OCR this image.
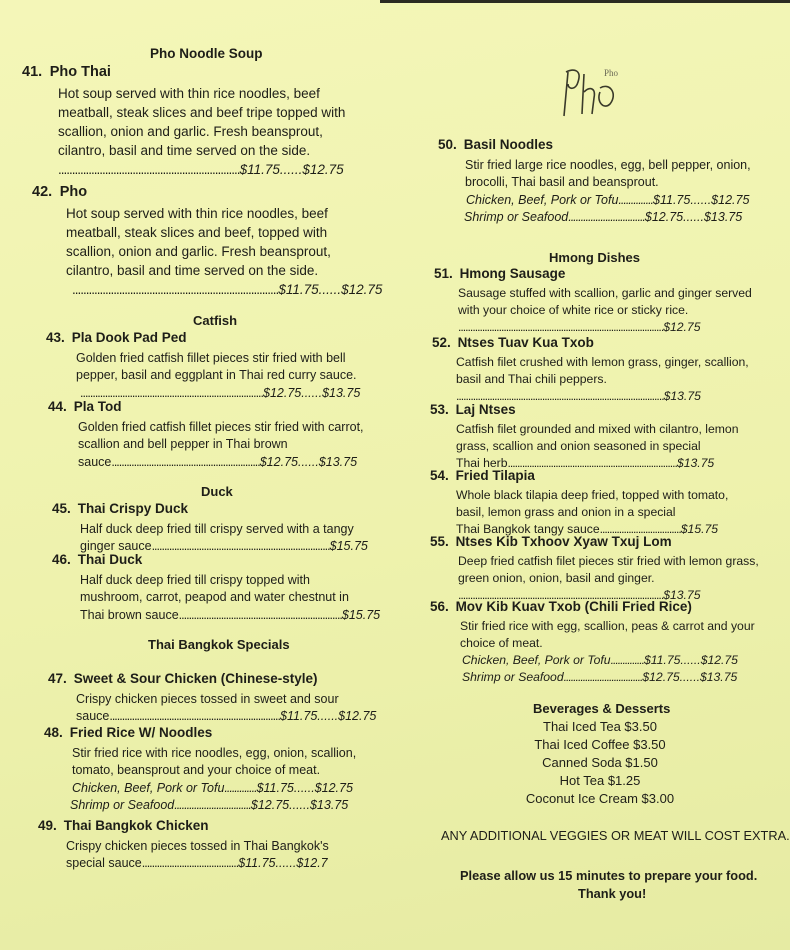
Pho Noodle Soup
41. Pho Thai
Hot soup served with thin rice noodles, beef meatball, steak slices and beef tripe topped with scallion, onion and garlic. Fresh beansprout, cilantro, basil and time served on the side.
..................................................................$11.75......$12.75
42. Pho
Hot soup served with thin rice noodles, beef meatball, steak slices and beef, topped with scallion, onion and garlic. Fresh beansprout, cilantro, basil and time served on the side.
...........................................................................$11.75......$12.75
Catfish
43. Pla Dook Pad Ped
Golden fried catfish fillet pieces stir fried with bell pepper, basil and eggplant in Thai red curry sauce.
..........................................................................$12.75......$13.75
44. Pla Tod
Golden fried catfish fillet pieces stir fried with carrot, scallion and bell pepper in Thai brown
sauce............................................................$12.75......$13.75
Duck
45. Thai Crispy Duck
Half duck deep fried till crispy served with a tangy
ginger sauce........................................................................$15.75
46. Thai Duck
Half duck deep fried till crispy topped with mushroom, carrot, peapod and water chestnut in
Thai brown sauce..................................................................$15.75
Thai Bangkok Specials
47. Sweet & Sour Chicken (Chinese-style)
Crispy chicken pieces tossed in sweet and sour
sauce.....................................................................$11.75......$12.75
48. Fried Rice W/ Noodles
Stir fried rice with rice noodles, egg, onion, scallion, tomato, beansprout and your choice of meat.
Chicken, Beef, Pork or Tofu.............$11.75......$12.75
Shrimp or Seafood...............................$12.75......$13.75
49. Thai Bangkok Chicken
Crispy chicken pieces tossed in Thai Bangkok's
special sauce.......................................$11.75......$12.7
Pho
50. Basil Noodles
Stir fried large rice noodles, egg, bell pepper, onion, brocolli, Thai basil and beansprout.
Chicken, Beef, Pork or Tofu..............$11.75......$12.75
Shrimp or Seafood...............................$12.75......$13.75
Hmong Dishes
51. Hmong Sausage
Sausage stuffed with scallion, garlic and ginger served with your choice of white rice or sticky rice.
......................................................................................$12.75
52. Ntses Tuav Kua Txob
Catfish filet crushed with lemon grass, ginger, scallion, basil and Thai chili peppers.
.......................................................................................$13.75
53. Laj Ntses
Catfish filet grounded and mixed with cilantro, lemon grass, scallion and onion seasoned in special
Thai herb.......................................................................$13.75
54. Fried Tilapia
Whole black tilapia deep fried, topped with tomato, basil, lemon grass and onion in a special
Thai Bangkok tangy sauce..................................$15.75
55. Ntses Kib Txhoov Xyaw Txuj Lom
Deep fried catfish filet pieces stir fried with lemon grass, green onion, onion, basil and ginger.
......................................................................................$13.75
56. Mov Kib Kuav Txob (Chili Fried Rice)
Stir fried rice with egg, scallion, peas & carrot and your choice of meat.
Chicken, Beef, Pork or Tofu..............$11.75......$12.75
Shrimp or Seafood.................................$12.75......$13.75
Beverages & Desserts
Thai Iced Tea $3.50
Thai Iced Coffee $3.50
Canned Soda $1.50
Hot Tea $1.25
Coconut Ice Cream $3.00
ANY ADDITIONAL VEGGIES OR MEAT WILL COST EXTRA.
Please allow us 15 minutes to prepare your food.
Thank you!
